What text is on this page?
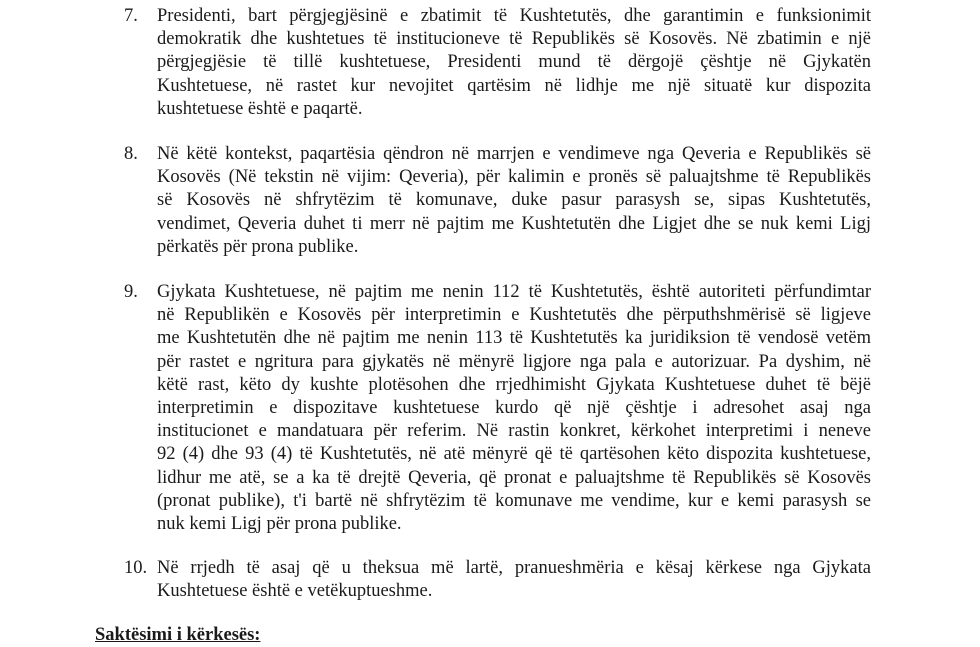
7. Presidenti, bart përgjegjësinë e zbatimit të Kushtetutës, dhe garantimin e funksionimit
demokratik dhe kushtetues të institucioneve të Republikës së Kosovës. Në zbatimin e një
përgjegjësie të tillë kushtetuese, Presidenti mund të dërgojë çështje në Gjykatën
Kushtetuese, në rastet kur nevojitet qartësim në lidhje me një situatë kur dispozita
kushtetuese është e paqartë.
8. Në këtë kontekst, paqartësia qëndron në marrjen e vendimeve nga Qeveria e Republikës së
Kosovës (Në tekstin në vijim: Qeveria), për kalimin e pronës së paluajtshme të Republikës
së Kosovës në shfrytëzim të komunave, duke pasur parasysh se, sipas Kushtetutës,
vendimet, Qeveria duhet ti merr në pajtim me Kushtetutën dhe Ligjet dhe se nuk kemi Ligj
përkatës për prona publike.
9. Gjykata Kushtetuese, në pajtim me nenin 112 të Kushtetutës, është autoriteti përfundimtar
në Republikën e Kosovës për interpretimin e Kushtetutës dhe përputhshmërisë së ligjeve
me Kushtetutën dhe në pajtim me nenin 113 të Kushtetutës ka juridiksion të vendosë vetëm
për rastet e ngritura para gjykatës në mënyrë ligjore nga pala e autorizuar. Pa dyshim, në
këtë rast, këto dy kushte plotësohen dhe rrjedhimisht Gjykata Kushtetuese duhet të bëjë
interpretimin e dispozitave kushtetuese kurdo që një çështje i adresohet asaj nga
institucionet e mandatuara për referim. Në rastin konkret, kërkohet interpretimi i neneve
92 (4) dhe 93 (4) të Kushtetutës, në atë mënyrë që të qartësohen këto dispozita kushtetuese,
lidhur me atë, se a ka të drejtë Qeveria, që pronat e paluajtshme të Republikës së Kosovës
(pronat publike), t'i bartë në shfrytëzim të komunave me vendime, kur e kemi parasysh se
nuk kemi Ligj për prona publike.
10. Në rrjedh të asaj që u theksua më lartë, pranueshmëria e kësaj kërkese nga Gjykata
Kushtetuese është e vetëkuptueshme.
Saktësimi i kërkesës:
